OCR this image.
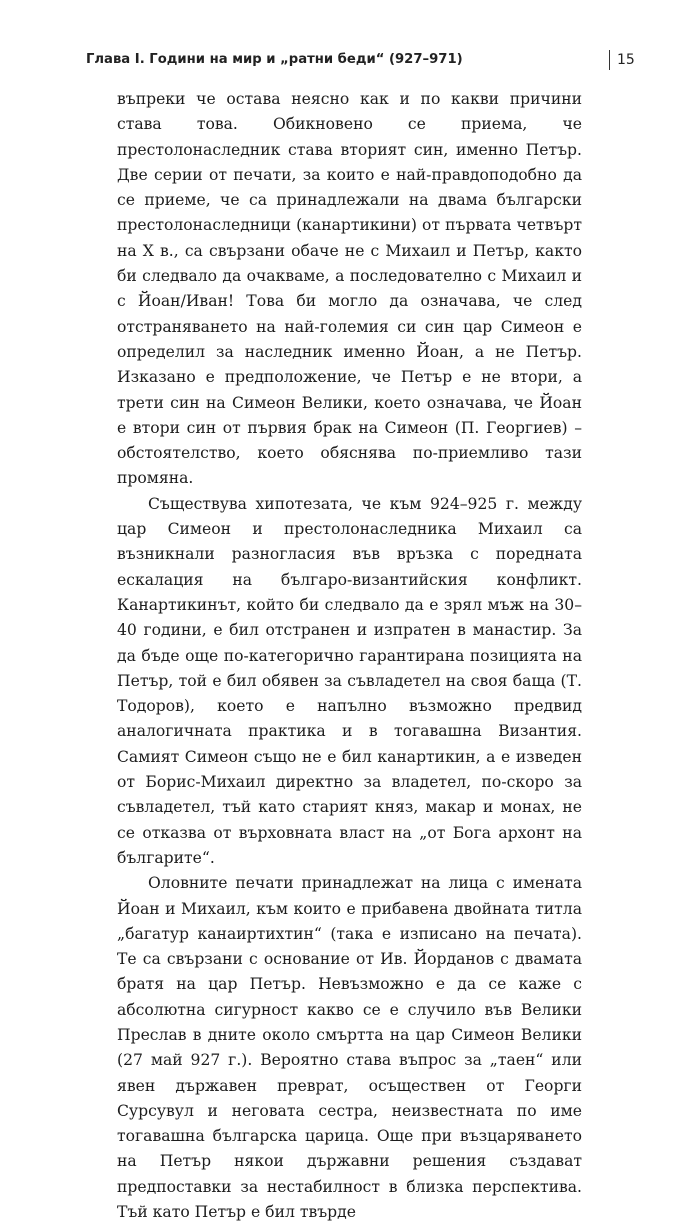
Глава I. Години на мир и „ратни беди“ (927–971)	15

въпреки че остава неясно как и по какви причини става това. Обикновено се приема, че престолонаследник става вторият син, именно Петър. Две серии от печати, за които е най-правдоподобно да се приеме, че са принадлежали на двама български престолонаследници (канартикини) от първата четвърт на X в., са свързани обаче не с Михаил и Петър, както би следвало да очакваме, а последователно с Михаил и с Йоан/Иван! Това би могло да означава, че след отстраняването на най-големия си син цар Симеон е определил за наследник именно Йоан, а не Петър. Изказано е предположение, че Петър е не втори, а трети син на Симеон Велики, което означава, че Йоан е втори син от първия брак на Симеон (П. Георгиев) – обстоятелство, което обяснява по-приемливо тази промяна.

Съществува хипотезата, че към 924–925 г. между цар Симеон и престолонаследника Михаил са възникнали разногласия във връзка с поредната ескалация на българо-византийския конфликт. Канартикинът, който би следвало да е зрял мъж на 30–40 години, е бил отстранен и изпратен в манастир. За да бъде още по-категорично гарантирана позицията на Петър, той е бил обявен за съвладетел на своя баща (Т. Тодоров), което е напълно възможно предвид аналогичната практика и в тогавашна Византия. Самият Симеон също не е бил канартикин, а е изведен от Борис-Михаил директно за владетел, по-скоро за съвладетел, тъй като старият княз, макар и монах, не се отказва от върховната власт на „от Бога архонт на българите“.

Оловните печати принадлежат на лица с имената Йоан и Михаил, към които е прибавена двойната титла „багатур канаиртихтин“ (така е изписано на печата). Те са свързани с основание от Ив. Йорданов с двамата братя на цар Петър. Невъзможно е да се каже с абсолютна сигурност какво се е случило във Велики Преслав в дните около смъртта на цар Симеон Велики (27 май 927 г.). Вероятно става въпрос за „таен“ или явен държавен преврат, осъществен от Георги Сурсувул и неговата сестра, неизвестната по име тогавашна българска царица. Още при възцаряването на Петър някои държавни решения създават предпоставки за нестабилност в близка перспектива. Тъй като Петър е бил твърде
